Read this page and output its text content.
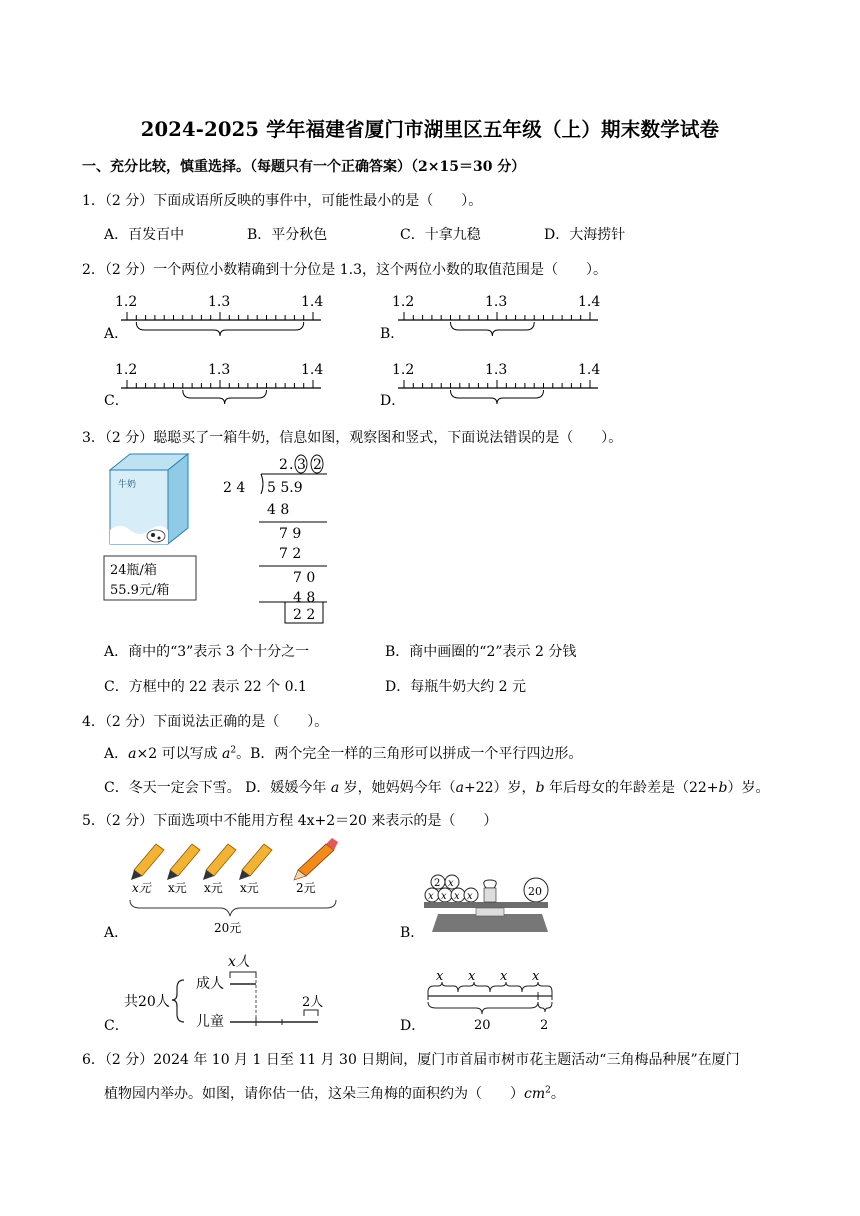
2024-2025 学年福建省厦门市湖里区五年级（上）期末数学试卷
一、充分比较，慎重选择。（每题只有一个正确答案）（2×15＝30 分）
1．（2 分）下面成语所反映的事件中，可能性最小的是（　　）。
A．百发百中	B．平分秋色	C．十拿九稳	D．大海捞针
2．（2 分）一个两位小数精确到十分位是 1.3，这个两位小数的取值范围是（　　）。
A．	B．
C．	D．
1.2	1.3	1.4	1.2	1.3	1.4
1.2	1.3	1.4	1.2	1.3	1.4
3．（2 分）聪聪买了一箱牛奶，信息如图，观察图和竖式，下面说法错误的是（　　）。
牛奶
24瓶/箱
55.9元/箱
2 . 3 2
2 4 5 5.9
4 8
7 9
7 2
7 0
4 8
2 2
A．商中的“3”表示 3 个十分之一	B．商中画圈的“2”表示 2 分钱
C．方框中的 22 表示 22 个 0.1	D．每瓶牛奶大约 2 元
4．（2 分）下面说法正确的是（　　）。
A．a×2 可以写成 $a^2$。B．两个完全一样的三角形可以拼成一个平行四边形。
C．冬天一定会下雪。 D．媛媛今年 a 岁，她妈妈今年（a+22）岁，b 年后母女的年龄差是（22+b）岁。
5．（2 分）下面选项中不能用方程 4x+2＝20 来表示的是（　　）
A．	B．
C．	D．
x元 x元 x元 x元	2元
20元
2 x
x x x x	20
共20人
成人
儿童
x人
2人
x x x x
20	2
6．（2 分）2024 年 10 月 1 日至 11 月 30 日期间，厦门市首届市树市花主题活动“三角梅品种展”在厦门
植物园内举办。如图，请你估一估，这朵三角梅的面积约为（　　）$cm^2$。
